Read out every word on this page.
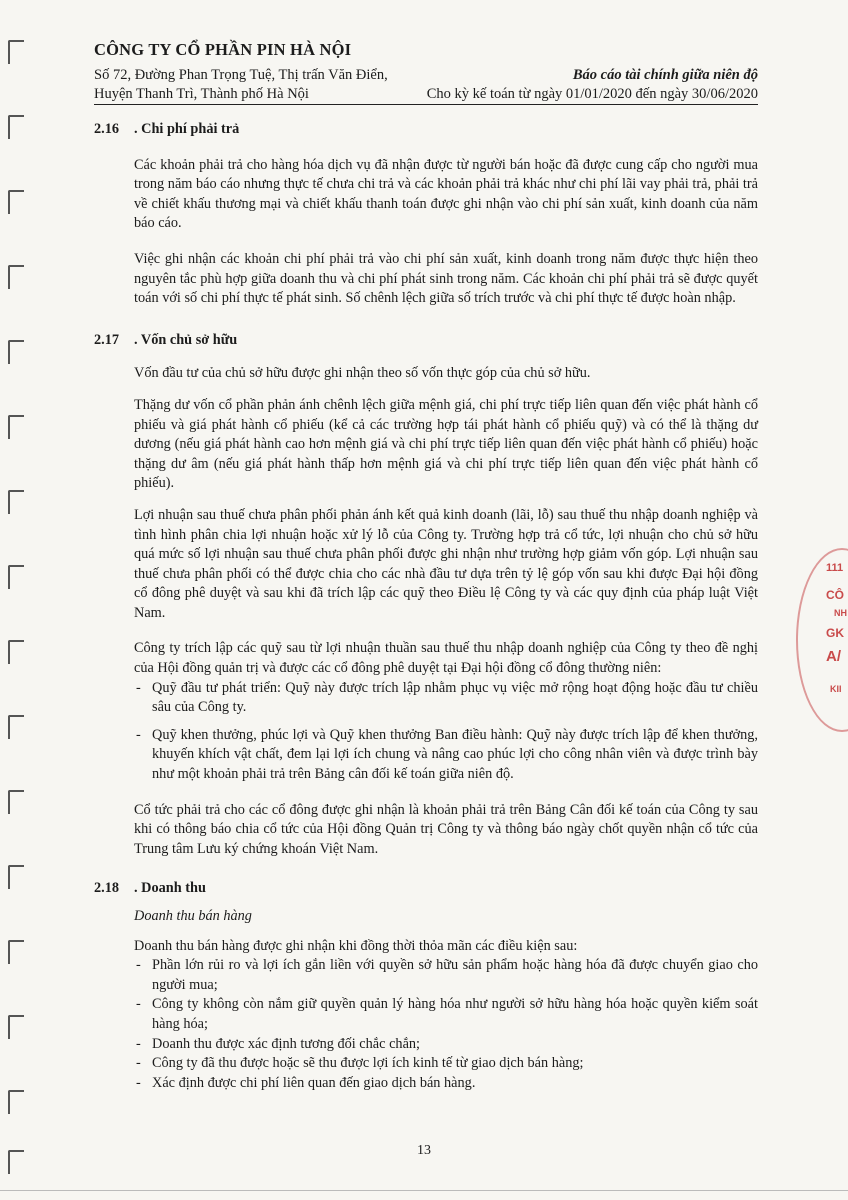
111
CÔ
NH
GK
A/
KII
CÔNG TY CỔ PHẦN PIN HÀ NỘI
Số 72, Đường Phan Trọng Tuệ, Thị trấn Văn Điển,
Huyện Thanh Trì, Thành phố Hà Nội
Báo cáo tài chính giữa niên độ
Cho kỳ kế toán từ ngày 01/01/2020 đến ngày 30/06/2020
2.16 . Chi phí phải trả

Các khoản phải trả cho hàng hóa dịch vụ đã nhận được từ người bán hoặc đã được cung cấp cho người mua trong năm báo cáo nhưng thực tế chưa chi trả và các khoản phải trả khác như chi phí lãi vay phải trả, phải trả về chiết khấu thương mại và chiết khấu thanh toán được ghi nhận vào chi phí sản xuất, kinh doanh của năm báo cáo.

Việc ghi nhận các khoản chi phí phải trả vào chi phí sản xuất, kinh doanh trong năm được thực hiện theo nguyên tắc phù hợp giữa doanh thu và chi phí phát sinh trong năm. Các khoản chi phí phải trả sẽ được quyết toán với số chi phí thực tế phát sinh. Số chênh lệch giữa số trích trước và chi phí thực tế được hoàn nhập.

2.17 . Vốn chủ sở hữu

Vốn đầu tư của chủ sở hữu được ghi nhận theo số vốn thực góp của chủ sở hữu.

Thặng dư vốn cổ phần phản ánh chênh lệch giữa mệnh giá, chi phí trực tiếp liên quan đến việc phát hành cổ phiếu và giá phát hành cổ phiếu (kể cả các trường hợp tái phát hành cổ phiếu quỹ) và có thể là thặng dư dương (nếu giá phát hành cao hơn mệnh giá và chi phí trực tiếp liên quan đến việc phát hành cổ phiếu) hoặc thặng dư âm (nếu giá phát hành thấp hơn mệnh giá và chi phí trực tiếp liên quan đến việc phát hành cổ phiếu).

Lợi nhuận sau thuế chưa phân phối phản ánh kết quả kinh doanh (lãi, lỗ) sau thuế thu nhập doanh nghiệp và tình hình phân chia lợi nhuận hoặc xử lý lỗ của Công ty. Trường hợp trả cổ tức, lợi nhuận cho chủ sở hữu quá mức số lợi nhuận sau thuế chưa phân phối được ghi nhận như trường hợp giảm vốn góp. Lợi nhuận sau thuế chưa phân phối có thể được chia cho các nhà đầu tư dựa trên tỷ lệ góp vốn sau khi được Đại hội đồng cổ đông phê duyệt và sau khi đã trích lập các quỹ theo Điều lệ Công ty và các quy định của pháp luật Việt Nam.

Công ty trích lập các quỹ sau từ lợi nhuận thuần sau thuế thu nhập doanh nghiệp của Công ty theo đề nghị của Hội đồng quản trị và được các cổ đông phê duyệt tại Đại hội đồng cổ đông thường niên:

- Quỹ đầu tư phát triển: Quỹ này được trích lập nhằm phục vụ việc mở rộng hoạt động hoặc đầu tư chiều sâu của Công ty.
- Quỹ khen thưởng, phúc lợi và Quỹ khen thưởng Ban điều hành: Quỹ này được trích lập để khen thưởng, khuyến khích vật chất, đem lại lợi ích chung và nâng cao phúc lợi cho công nhân viên và được trình bày như một khoản phải trả trên Bảng cân đối kế toán giữa niên độ.

Cổ tức phải trả cho các cổ đông được ghi nhận là khoản phải trả trên Bảng Cân đối kế toán của Công ty sau khi có thông báo chia cổ tức của Hội đồng Quản trị Công ty và thông báo ngày chốt quyền nhận cổ tức của Trung tâm Lưu ký chứng khoán Việt Nam.

2.18 . Doanh thu

Doanh thu bán hàng

Doanh thu bán hàng được ghi nhận khi đồng thời thỏa mãn các điều kiện sau:

- Phần lớn rủi ro và lợi ích gắn liền với quyền sở hữu sản phẩm hoặc hàng hóa đã được chuyển giao cho người mua;
- Công ty không còn nắm giữ quyền quản lý hàng hóa như người sở hữu hàng hóa hoặc quyền kiểm soát hàng hóa;
- Doanh thu được xác định tương đối chắc chắn;
- Công ty đã thu được hoặc sẽ thu được lợi ích kinh tế từ giao dịch bán hàng;
- Xác định được chi phí liên quan đến giao dịch bán hàng.
13
